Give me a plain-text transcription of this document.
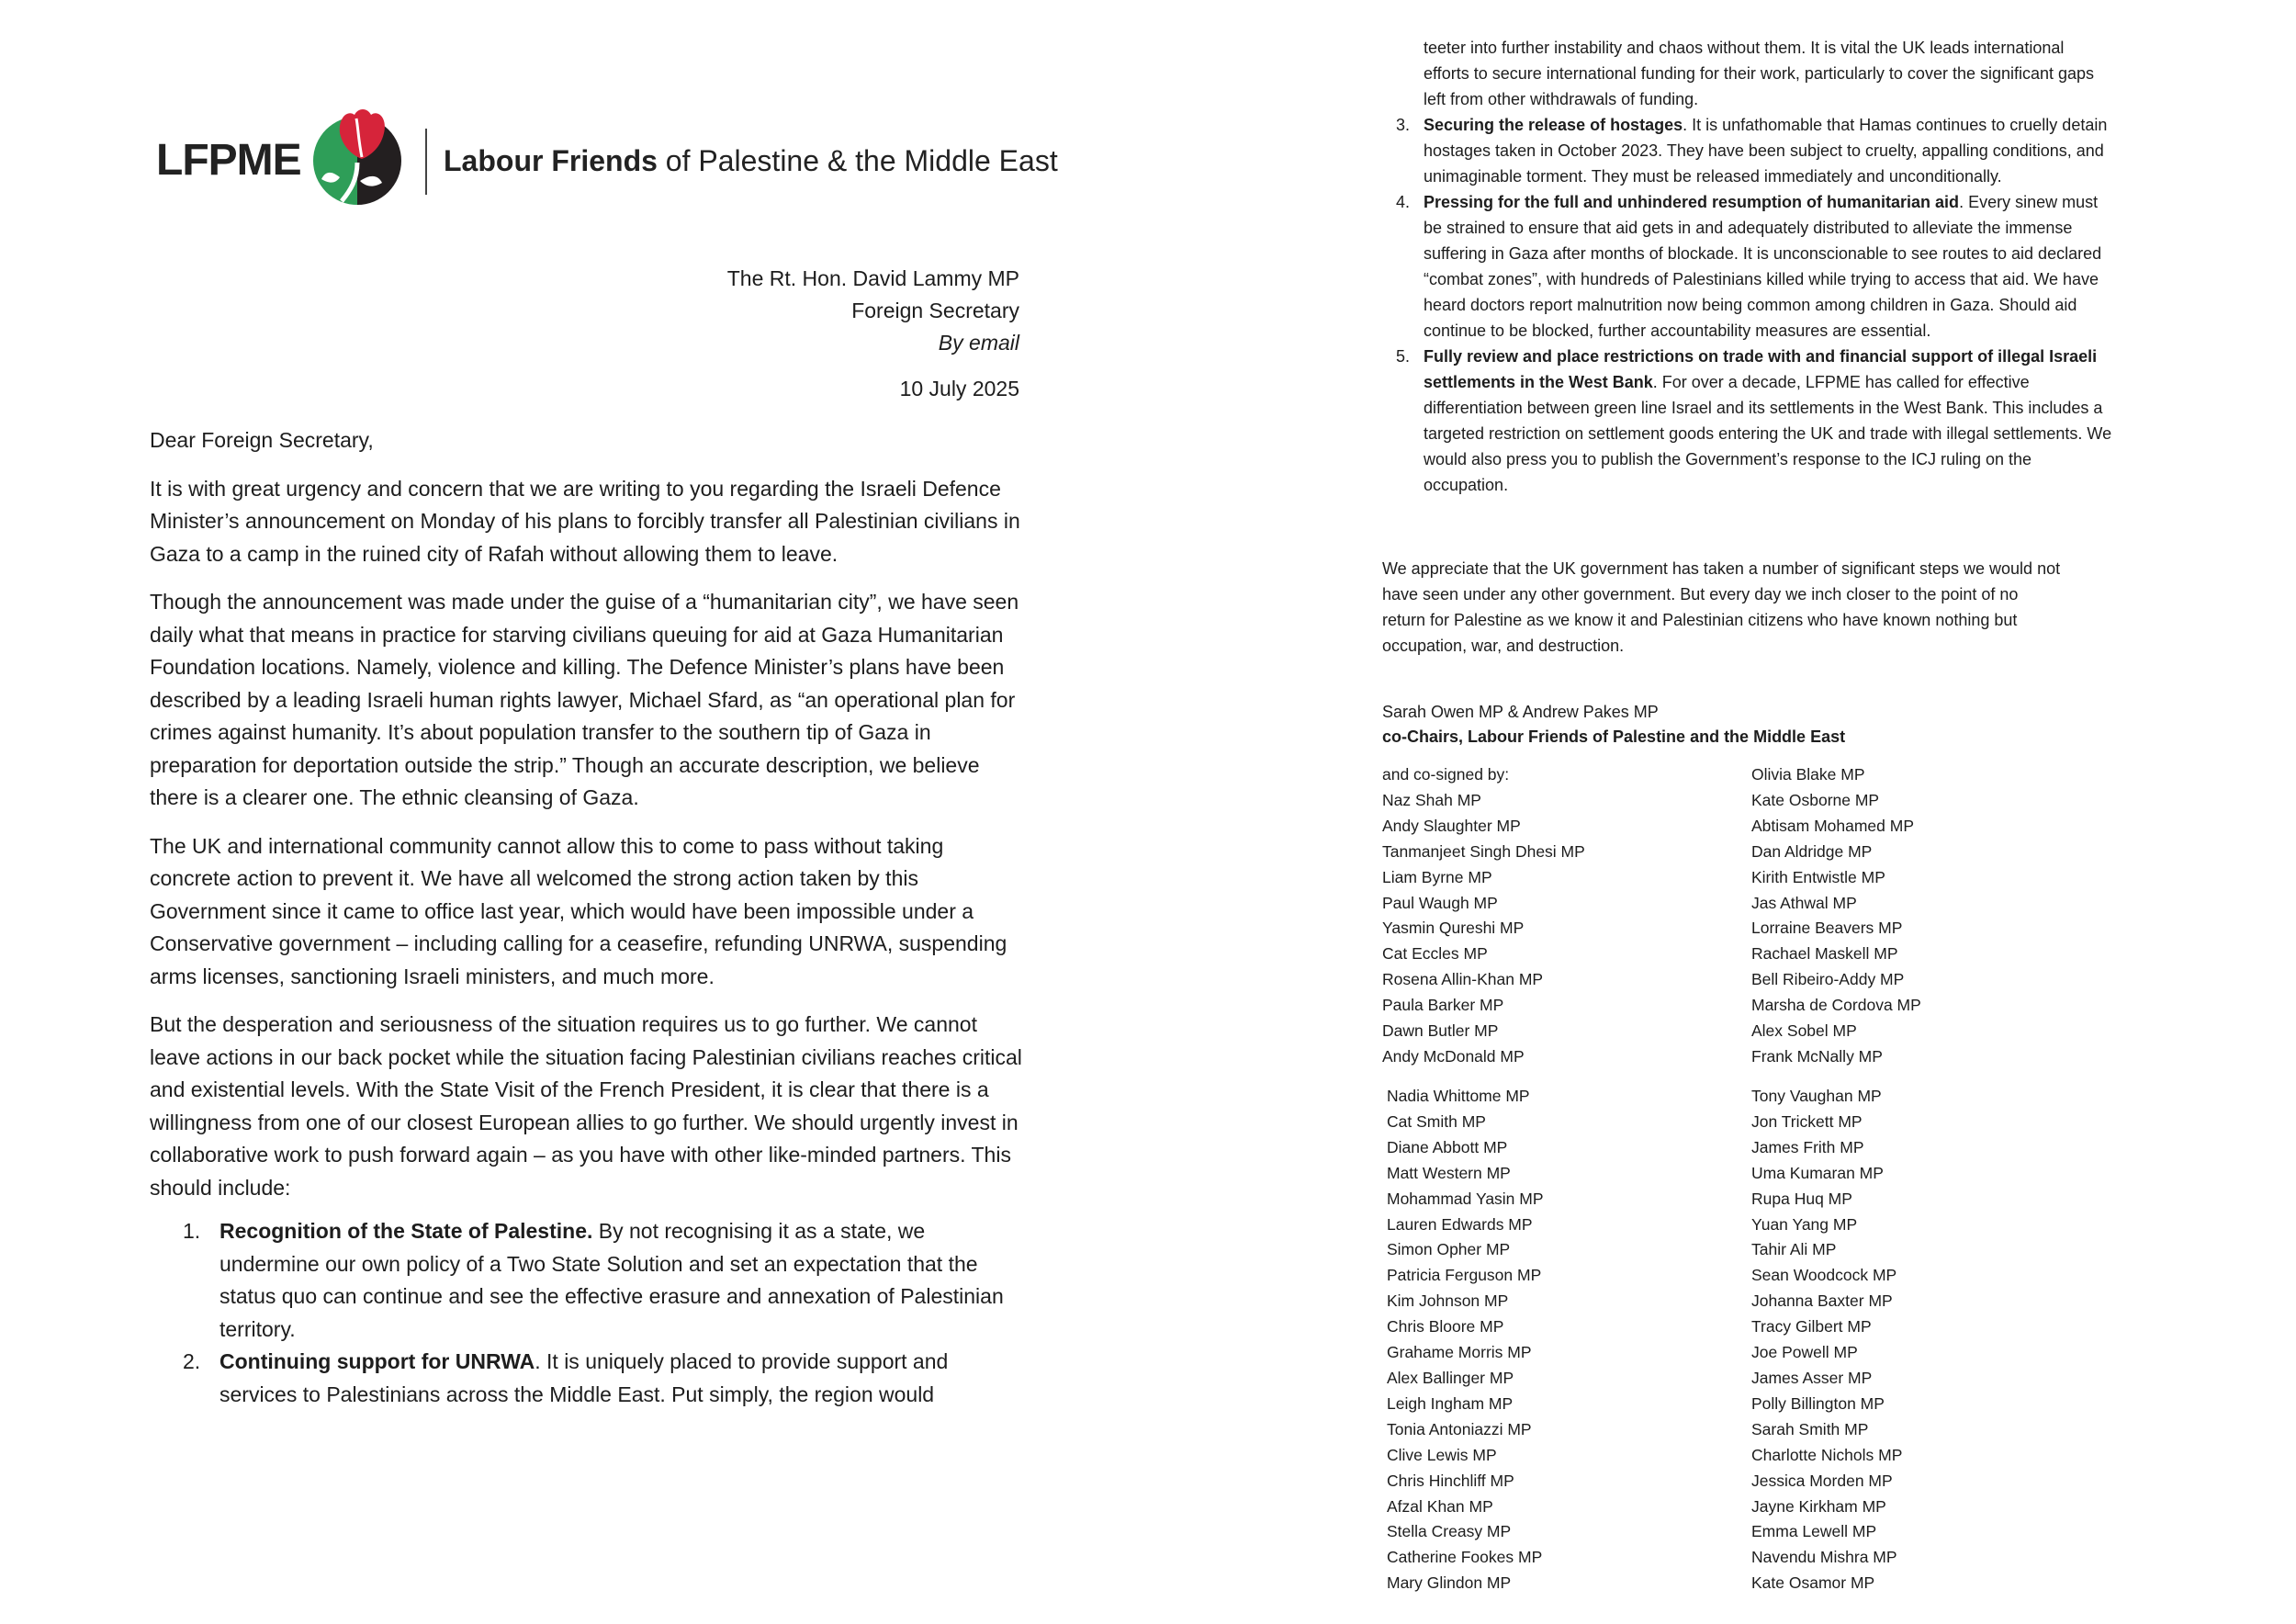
LFPME	Labour Friends of Palestine & the Middle East
The Rt. Hon. David Lammy MP
Foreign Secretary
By email
10 July 2025

Dear Foreign Secretary,

It is with great urgency and concern that we are writing to you regarding the Israeli Defence Minister’s announcement on Monday of his plans to forcibly transfer all Palestinian civilians in Gaza to a camp in the ruined city of Rafah without allowing them to leave.

Though the announcement was made under the guise of a “humanitarian city”, we have seen daily what that means in practice for starving civilians queuing for aid at Gaza Humanitarian Foundation locations. Namely, violence and killing. The Defence Minister’s plans have been described by a leading Israeli human rights lawyer, Michael Sfard, as “an operational plan for crimes against humanity. It’s about population transfer to the southern tip of Gaza in preparation for deportation outside the strip.” Though an accurate description, we believe there is a clearer one. The ethnic cleansing of Gaza.

The UK and international community cannot allow this to come to pass without taking concrete action to prevent it. We have all welcomed the strong action taken by this Government since it came to office last year, which would have been impossible under a Conservative government – including calling for a ceasefire, refunding UNRWA, suspending arms licenses, sanctioning Israeli ministers, and much more.

But the desperation and seriousness of the situation requires us to go further. We cannot leave actions in our back pocket while the situation facing Palestinian civilians reaches critical and existential levels. With the State Visit of the French President, it is clear that there is a willingness from one of our closest European allies to go further. We should urgently invest in collaborative work to push forward again – as you have with other like-minded partners. This should include:

1. Recognition of the State of Palestine. By not recognising it as a state, we undermine our own policy of a Two State Solution and set an expectation that the status quo can continue and see the effective erasure and annexation of Palestinian territory.
2. Continuing support for UNRWA. It is uniquely placed to provide support and services to Palestinians across the Middle East. Put simply, the region would
teeter into further instability and chaos without them. It is vital the UK leads international efforts to secure international funding for their work, particularly to cover the significant gaps left from other withdrawals of funding.
3. Securing the release of hostages. It is unfathomable that Hamas continues to cruelly detain hostages taken in October 2023. They have been subject to cruelty, appalling conditions, and unimaginable torment. They must be released immediately and unconditionally.
4. Pressing for the full and unhindered resumption of humanitarian aid. Every sinew must be strained to ensure that aid gets in and adequately distributed to alleviate the immense suffering in Gaza after months of blockade. It is unconscionable to see routes to aid declared “combat zones”, with hundreds of Palestinians killed while trying to access that aid. We have heard doctors report malnutrition now being common among children in Gaza. Should aid continue to be blocked, further accountability measures are essential.
5. Fully review and place restrictions on trade with and financial support of illegal Israeli settlements in the West Bank. For over a decade, LFPME has called for effective differentiation between green line Israel and its settlements in the West Bank. This includes a targeted restriction on settlement goods entering the UK and trade with illegal settlements. We would also press you to publish the Government’s response to the ICJ ruling on the occupation.

We appreciate that the UK government has taken a number of significant steps we would not have seen under any other government. But every day we inch closer to the point of no return for Palestine as we know it and Palestinian citizens who have known nothing but occupation, war, and destruction.

Sarah Owen MP & Andrew Pakes MP
co-Chairs, Labour Friends of Palestine and the Middle East
and co-signed by:
Naz Shah MP
Andy Slaughter MP
Tanmanjeet Singh Dhesi MP
Liam Byrne MP
Paul Waugh MP
Yasmin Qureshi MP
Cat Eccles MP
Rosena Allin-Khan MP
Paula Barker MP
Dawn Butler MP
Andy McDonald MP
Olivia Blake MP
Kate Osborne MP
Abtisam Mohamed MP
Dan Aldridge MP
Kirith Entwistle MP
Jas Athwal MP
Lorraine Beavers MP
Rachael Maskell MP
Bell Ribeiro-Addy MP
Marsha de Cordova MP
Alex Sobel MP
Frank McNally MP
Nadia Whittome MP
Cat Smith MP
Diane Abbott MP
Matt Western MP
Mohammad Yasin MP
Lauren Edwards MP
Simon Opher MP
Patricia Ferguson MP
Kim Johnson MP
Chris Bloore MP
Grahame Morris MP
Alex Ballinger MP
Leigh Ingham MP
Tonia Antoniazzi MP
Clive Lewis MP
Chris Hinchliff MP
Afzal Khan MP
Stella Creasy MP
Catherine Fookes MP
Mary Glindon MP
Tony Vaughan MP
Jon Trickett MP
James Frith MP
Uma Kumaran MP
Rupa Huq MP
Yuan Yang MP
Tahir Ali MP
Sean Woodcock MP
Johanna Baxter MP
Tracy Gilbert MP
Joe Powell MP
James Asser MP
Polly Billington MP
Sarah Smith MP
Charlotte Nichols MP
Jessica Morden MP
Jayne Kirkham MP
Emma Lewell MP
Navendu Mishra MP
Kate Osamor MP
